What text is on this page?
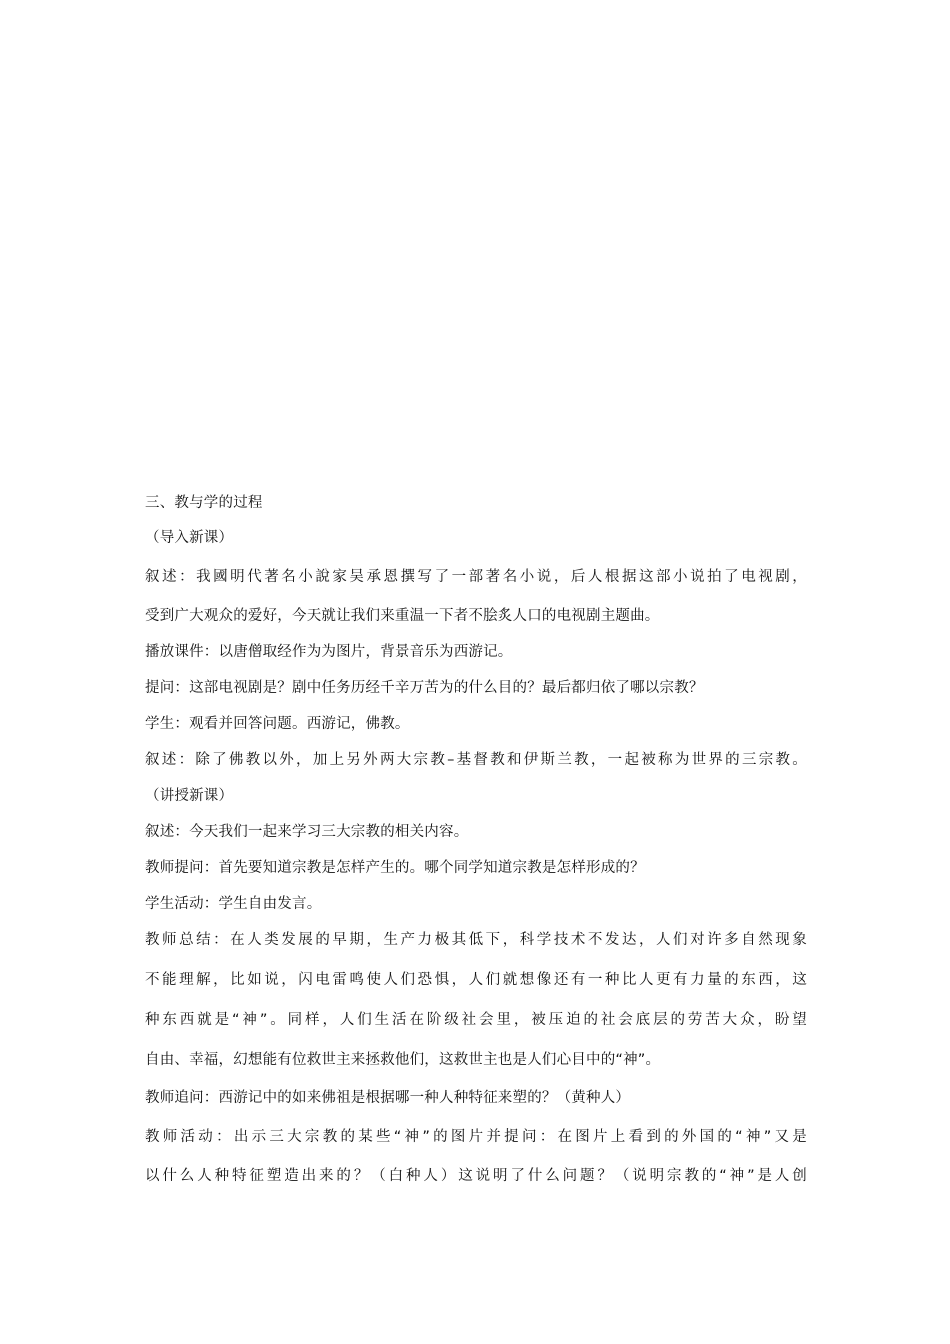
三、教与学的过程
（导入新课）
叙述：我國明代著名小說家吴承恩撰写了一部著名小说，后人根据这部小说拍了电视剧，
受到广大观众的爱好，今天就让我们来重温一下者不脍炙人口的电视剧主题曲。
播放课件：以唐僧取经作为为图片，背景音乐为西游记。
提问：这部电视剧是？剧中任务历经千辛万苦为的什么目的？最后都归依了哪以宗教？
学生：观看并回答问题。西游记，佛教。
叙述：除了佛教以外，加上另外两大宗教–基督教和伊斯兰教，一起被称为世界的三宗教。
（讲授新课）
叙述：今天我们一起来学习三大宗教的相关内容。
教师提问：首先要知道宗教是怎样产生的。哪个同学知道宗教是怎样形成的？
学生活动：学生自由发言。
教师总结：在人类发展的早期，生产力极其低下，科学技术不发达，人们对许多自然现象
不能理解，比如说，闪电雷鸣使人们恐惧，人们就想像还有一种比人更有力量的东西，这
种东西就是“神”。同样，人们生活在阶级社会里，被压迫的社会底层的劳苦大众，盼望
自由、幸福，幻想能有位救世主来拯救他们，这救世主也是人们心目中的“神”。
教师追问：西游记中的如来佛祖是根据哪一种人种特征来塑的？（黄种人）
教师活动：出示三大宗教的某些“神”的图片并提问：在图片上看到的外国的“神”又是
以什么人种特征塑造出来的？（白种人）这说明了什么问题？（说明宗教的“神”是人创
